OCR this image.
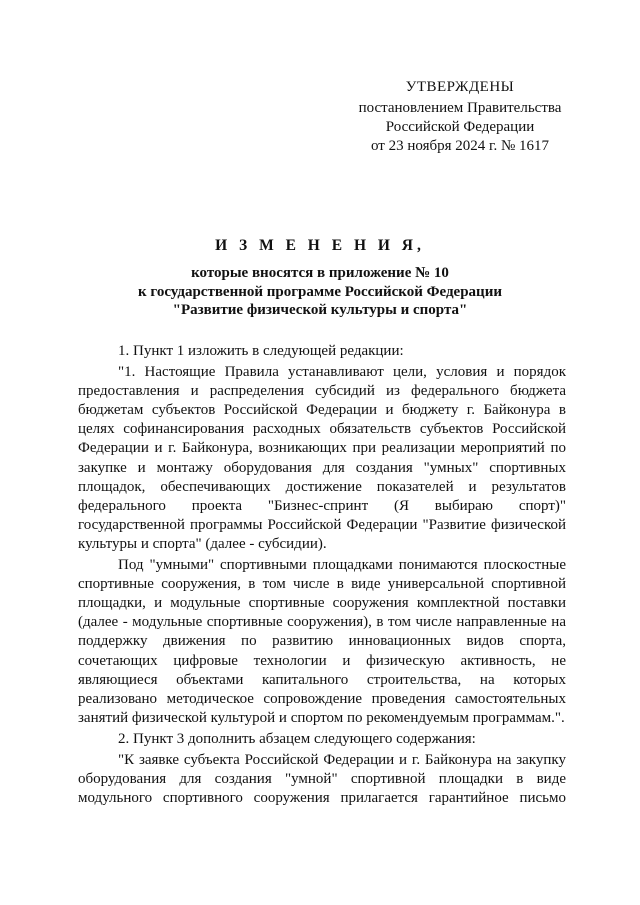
УТВЕРЖДЕНЫ
постановлением Правительства
Российской Федерации
от 23 ноября 2024 г. № 1617
И З М Е Н Е Н И Я,
которые вносятся в приложение № 10
к государственной программе Российской Федерации
"Развитие физической культуры и спорта"

1. Пункт 1 изложить в следующей редакции:

"1. Настоящие Правила устанавливают цели, условия и порядок предоставления и распределения субсидий из федерального бюджета бюджетам субъектов Российской Федерации и бюджету г. Байконура в целях софинансирования расходных обязательств субъектов Российской Федерации и г. Байконура, возникающих при реализации мероприятий по закупке и монтажу оборудования для создания "умных" спортивных площадок, обеспечивающих достижение показателей и результатов федерального проекта "Бизнес-спринт (Я выбираю спорт)" государственной программы Российской Федерации "Развитие физической культуры и спорта" (далее - субсидии).

Под "умными" спортивными площадками понимаются плоскостные спортивные сооружения, в том числе в виде универсальной спортивной площадки, и модульные спортивные сооружения комплектной поставки (далее - модульные спортивные сооружения), в том числе направленные на поддержку движения по развитию инновационных видов спорта, сочетающих цифровые технологии и физическую активность, не являющиеся объектами капитального строительства, на которых реализовано методическое сопровождение проведения самостоятельных занятий физической культурой и спортом по рекомендуемым программам.".

2. Пункт 3 дополнить абзацем следующего содержания:

"К заявке субъекта Российской Федерации и г. Байконура на закупку оборудования для создания "умной" спортивной площадки в виде модульного спортивного сооружения прилагается гарантийное письмо
